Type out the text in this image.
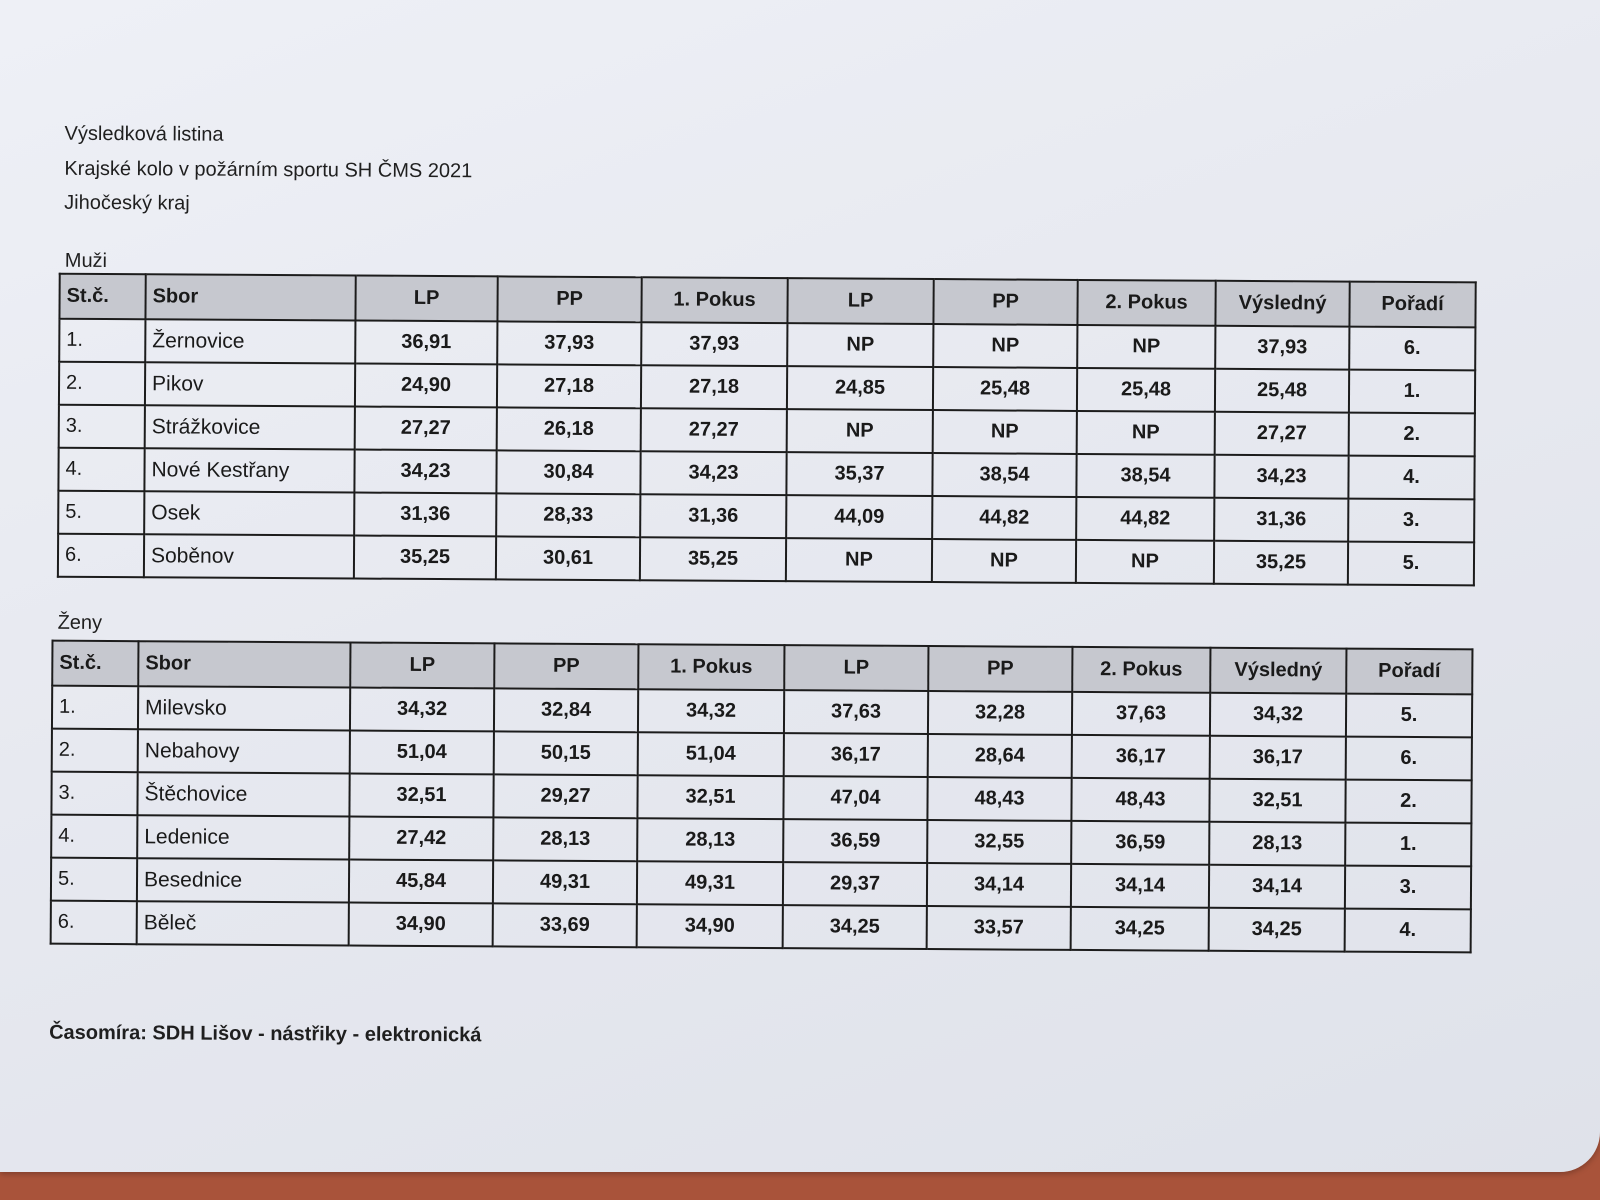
Výsledková listina
Krajské kolo v požárním sportu SH ČMS 2021
Jihočeský kraj
Muži
St.č.	Sbor	LP	PP	1. Pokus	LP	PP	2. Pokus	Výsledný	Pořadí
1.	Žernovice	36,91	37,93	37,93	NP	NP	NP	37,93	6.
2.	Pikov	24,90	27,18	27,18	24,85	25,48	25,48	25,48	1.
3.	Strážkovice	27,27	26,18	27,27	NP	NP	NP	27,27	2.
4.	Nové Kestřany	34,23	30,84	34,23	35,37	38,54	38,54	34,23	4.
5.	Osek	31,36	28,33	31,36	44,09	44,82	44,82	31,36	3.
6.	Soběnov	35,25	30,61	35,25	NP	NP	NP	35,25	5.
Ženy
St.č.	Sbor	LP	PP	1. Pokus	LP	PP	2. Pokus	Výsledný	Pořadí
1.	Milevsko	34,32	32,84	34,32	37,63	32,28	37,63	34,32	5.
2.	Nebahovy	51,04	50,15	51,04	36,17	28,64	36,17	36,17	6.
3.	Štěchovice	32,51	29,27	32,51	47,04	48,43	48,43	32,51	2.
4.	Ledenice	27,42	28,13	28,13	36,59	32,55	36,59	28,13	1.
5.	Besednice	45,84	49,31	49,31	29,37	34,14	34,14	34,14	3.
6.	Běleč	34,90	33,69	34,90	34,25	33,57	34,25	34,25	4.
Časomíra: SDH Lišov - nástřiky - elektronická
